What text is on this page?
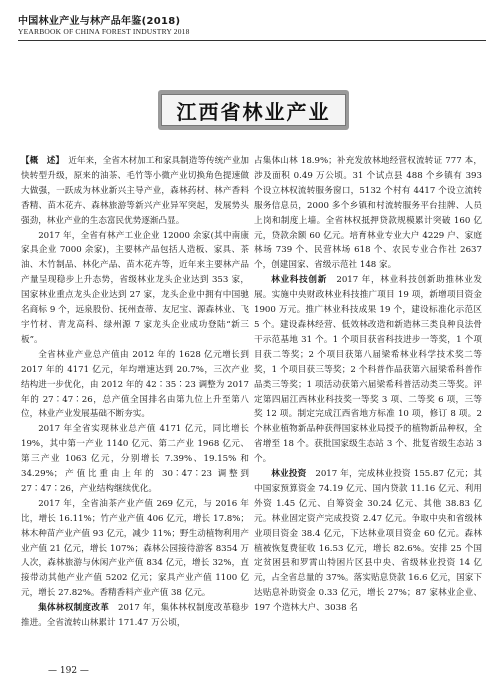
中国林业产业与林产品年鉴(2018)
YEARBOOK OF CHINA FOREST INDUSTRY 2018
江西省林业产业

【概　述】　 近年来，全省木材加工和家具制造等传统产业加快转型升级，原来的油茶、毛竹等小微产业切换角色提速做大做强，一跃成为林业新兴主导产业，森林药材、林产香料香精、苗木花卉、森林旅游等新兴产业异军突起，发展势头强劲，林业产业的生态富民优势逐渐凸显。

2017 年，全省有林产工业企业 12000 余家(其中南康家具企业 7000 余家)，主要林产品包括人造板、家具、茶油、木竹制品、林化产品、苗木花卉等，近年来主要林产品产量呈现稳步上升态势，省级林业龙头企业达到 353 家，国家林业重点龙头企业达到 27 家，龙头企业中拥有中国驰名商标 9 个，远泉股份、抚州查蒂、友尼宝、源森林业、飞宇竹材、青龙高科、绿州源 7 家龙头企业成功登陆“新三板”。

全省林业产业总产值由 2012 年的 1628 亿元增长到 2017 年的 4171 亿元，年均增速达到 20.7%，三次产业结构进一步优化，由 2012 年的 42∶35∶23 调整为 2017 年的 27∶47∶26，总产值全国排名由第九位上升至第八位，林业产业发展基础不断夯实。

2017 年全省实现林业总产值 4171 亿元，同比增长 19%，其中第一产业 1140 亿元、第二产业 1968 亿元、第三产业 1063 亿元，分别增长 7.39%、19.15% 和 34.29%；产值比重由上年的 30∶47∶23 调整到 27∶47∶26，产业结构继续优化。

2017 年，全省油茶产业产值 269 亿元，与 2016 年比，增长 16.11%；竹产业产值 406 亿元，增长 17.8%；林木种苗产业产值 93 亿元，减少 11%；野生动植物利用产业产值 21 亿元，增长 107%；森林公园接待游客 8354 万人次，森林旅游与休闲产业产值 834 亿元，增长 32%，直接带动其他产业产值 5202 亿元；家具产业产值 1100 亿元，增长 27.82%。香精香料产业产值 38 亿元。

集体林权制度改革　 2017 年，集体林权制度改革稳步推进。全省流转山林累计 171.47 万公顷，

占集体山林 18.9%；补充发放林地经营权流转证 777 本，涉及面积 0.49 万公顷。31 个试点县 488 个乡镇有 393 个设立林权流转服务窗口，5132 个村有 4417 个设立流转服务信息员，2000 多个乡镇和村流转服务平台挂牌、人员上岗和制度上墙。全省林权抵押贷款规模累计突破 160 亿元，贷款余额 60 亿元。培育林业专业大户 4229 户、家庭林场 739 个、民营林场 618 个、农民专业合作社 2637 个，创建国家、省级示范社 148 家。

林业科技创新　 2017 年，林业科技创新助推林业发展。实施中央财政林业科技推广项目 19 项，新增项目资金 1900 万元。推广林业科技成果 19 个，建设标准化示范区 5 个。建设森林经营、低效林改造和新造林三类良种良法骨干示范基地 31 个。1 个项目获省科技进步一等奖，1 个项目获二等奖；2 个项目获第八届梁希林业科学技术奖二等奖，1 个项目获三等奖；2 个科普作品获第六届梁希科普作品类三等奖；1 项活动获第六届梁希科普活动类三等奖。评定第四届江西林业科技奖一等奖 3 项、二等奖 6 项，三等奖 12 项。制定完成江西省地方标准 10 项，修订 8 项。2 个林业植物新品种获得国家林业局授予的植物新品种权，全省增至 18 个。获批国家级生态站 3 个、批复省级生态站 3 个。

林业投资　 2017 年，完成林业投资 155.87 亿元；其中国家预算资金 74.19 亿元、国内贷款 11.16 亿元、利用外资 1.45 亿元、自筹资金 30.24 亿元、其他 38.83 亿元。林业固定资产完成投资 2.47 亿元。争取中央和省级林业项目资金 38.4 亿元，下达林业项目资金 60 亿元。森林植被恢复费征收 16.53 亿元，增长 82.6%。安排 25 个国定贫困县和罗霄山特困片区县中央、省级林业投资 14 亿元，占全省总量的 37%。落实贴息贷款 16.6 亿元，国家下达贴息补助资金 0.33 亿元，增长 27%；87 家林业企业、197 个造林大户、3038 名

— 192 —
